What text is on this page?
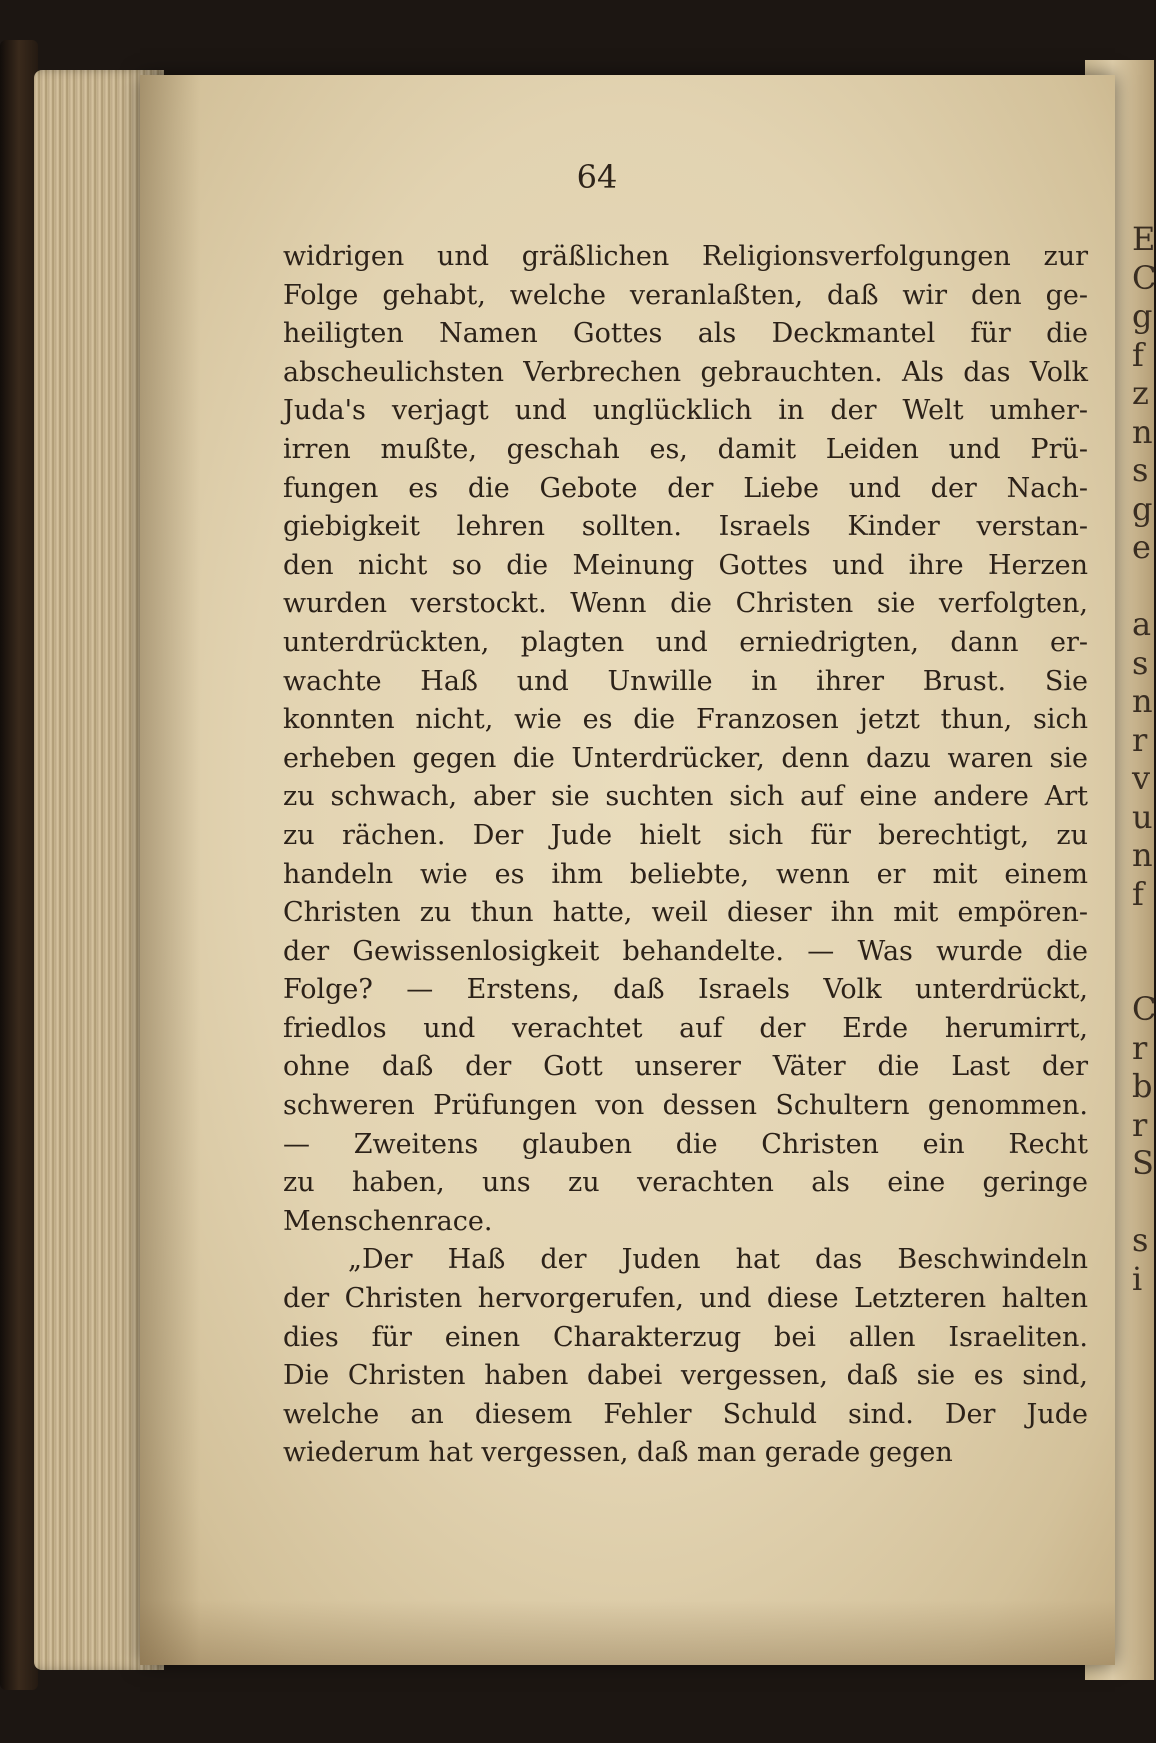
E
C
g
f
z
n
s
g
e
a
s
n
r
v
u
n
f
C
r
b
r
S
s
i
64
widrigen und gräßlichen Religionsverfolgungen zur
Folge gehabt, welche veranlaßten, daß wir den ge-
heiligten Namen Gottes als Deckmantel für die
abscheulichsten Verbrechen gebrauchten. Als das Volk
Juda's verjagt und unglücklich in der Welt umher-
irren mußte, geschah es, damit Leiden und Prü-
fungen es die Gebote der Liebe und der Nach-
giebigkeit lehren sollten. Israels Kinder verstan-
den nicht so die Meinung Gottes und ihre Herzen
wurden verstockt. Wenn die Christen sie verfolgten,
unterdrückten, plagten und erniedrigten, dann er-
wachte Haß und Unwille in ihrer Brust. Sie
konnten nicht, wie es die Franzosen jetzt thun, sich
erheben gegen die Unterdrücker, denn dazu waren sie
zu schwach, aber sie suchten sich auf eine andere Art
zu rächen. Der Jude hielt sich für berechtigt, zu
handeln wie es ihm beliebte, wenn er mit einem
Christen zu thun hatte, weil dieser ihn mit empören-
der Gewissenlosigkeit behandelte. — Was wurde die
Folge? — Erstens, daß Israels Volk unterdrückt,
friedlos und verachtet auf der Erde herumirrt,
ohne daß der Gott unserer Väter die Last der
schweren Prüfungen von dessen Schultern genommen.
— Zweitens glauben die Christen ein Recht
zu haben, uns zu verachten als eine geringe
Menschenrace.
„Der Haß der Juden hat das Beschwindeln
der Christen hervorgerufen, und diese Letzteren halten
dies für einen Charakterzug bei allen Israeliten.
Die Christen haben dabei vergessen, daß sie es sind,
welche an diesem Fehler Schuld sind. Der Jude
wiederum hat vergessen, daß man gerade gegen
